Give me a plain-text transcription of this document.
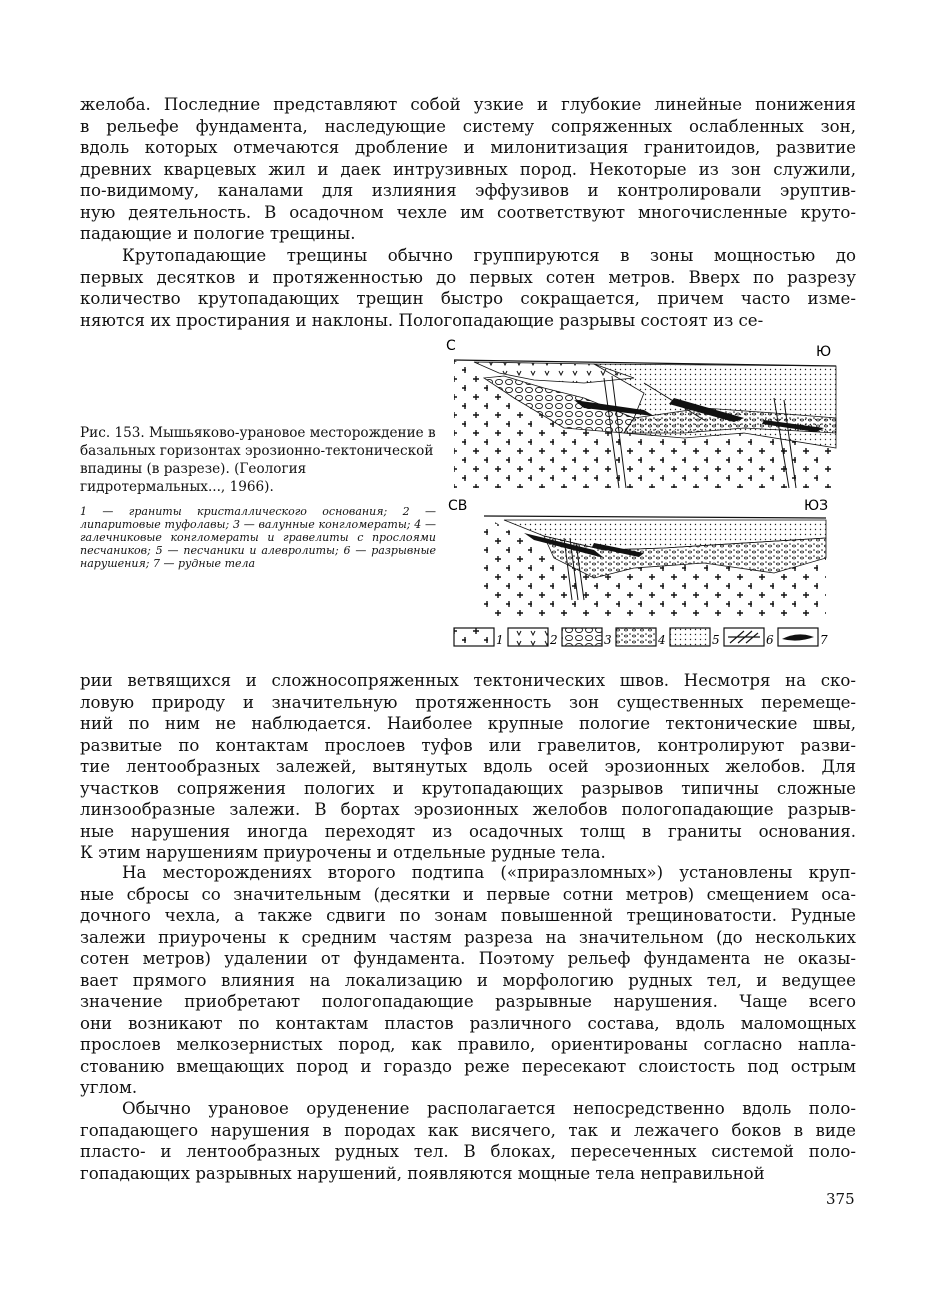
желоба. Последние представляют собой узкие и глубокие линейные понижения
в рельефе фундамента, наследующие систему сопряженных ослабленных зон,
вдоль которых отмечаются дробление и милонитизация гранитоидов, развитие
древних кварцевых жил и даек интрузивных пород. Некоторые из зон служили,
по-видимому, каналами для излияния эффузивов и контролировали эруптив-
ную деятельность. В осадочном чехле им соответствуют многочисленные круто-
падающие и пологие трещины.

Крутопадающие трещины обычно группируются в зоны мощностью до
первых десятков и протяженностью до первых сотен метров. Вверх по разрезу
количество крутопадающих трещин быстро сокращается, причем часто изме-
няются их простирания и наклоны. Пологопадающие разрывы состоят из се-

Рис. 153. Мышьяково-урановое месторождение в базальных горизонтах эрозионно-тектонической впадины (в разрезе). (Геология гидротермальных..., 1966).
1 — граниты кристаллического основания; 2 — липаритовые туфолавы; 3 — валунные конгломераты; 4 — галечниковые конгломераты и гравелиты с прослоями песчаников; 5 — песчаники и алевролиты; 6 — разрывные нарушения; 7 — рудные тела
С	Ю
СВ	ЮЗ
1	2	3	4	5	6	7

рии ветвящихся и сложносопряженных тектонических швов. Несмотря на ско-
ловую природу и значительную протяженность зон существенных перемеще-
ний по ним не наблюдается. Наиболее крупные пологие тектонические швы,
развитые по контактам прослоев туфов или гравелитов, контролируют разви-
тие лентообразных залежей, вытянутых вдоль осей эрозионных желобов. Для
участков сопряжения пологих и крутопадающих разрывов типичны сложные
линзообразные залежи. В бортах эрозионных желобов пологопадающие разрыв-
ные нарушения иногда переходят из осадочных толщ в граниты основания.
К этим нарушениям приурочены и отдельные рудные тела.

На месторождениях второго подтипа («приразломных») установлены круп-
ные сбросы со значительным (десятки и первые сотни метров) смещением оса-
дочного чехла, а также сдвиги по зонам повышенной трещиноватости. Рудные
залежи приурочены к средним частям разреза на значительном (до нескольких
сотен метров) удалении от фундамента. Поэтому рельеф фундамента не оказы-
вает прямого влияния на локализацию и морфологию рудных тел, и ведущее
значение приобретают пологопадающие разрывные нарушения. Чаще всего
они возникают по контактам пластов различного состава, вдоль маломощных
прослоев мелкозернистых пород, как правило, ориентированы согласно напла-
стованию вмещающих пород и гораздо реже пересекают слоистость под острым
углом.

Обычно урановое оруденение располагается непосредственно вдоль поло-
гопадающего нарушения в породах как висячего, так и лежачего боков в виде
пласто- и лентообразных рудных тел. В блоках, пересеченных системой поло-
гопадающих разрывных нарушений, появляются мощные тела неправильной

375
